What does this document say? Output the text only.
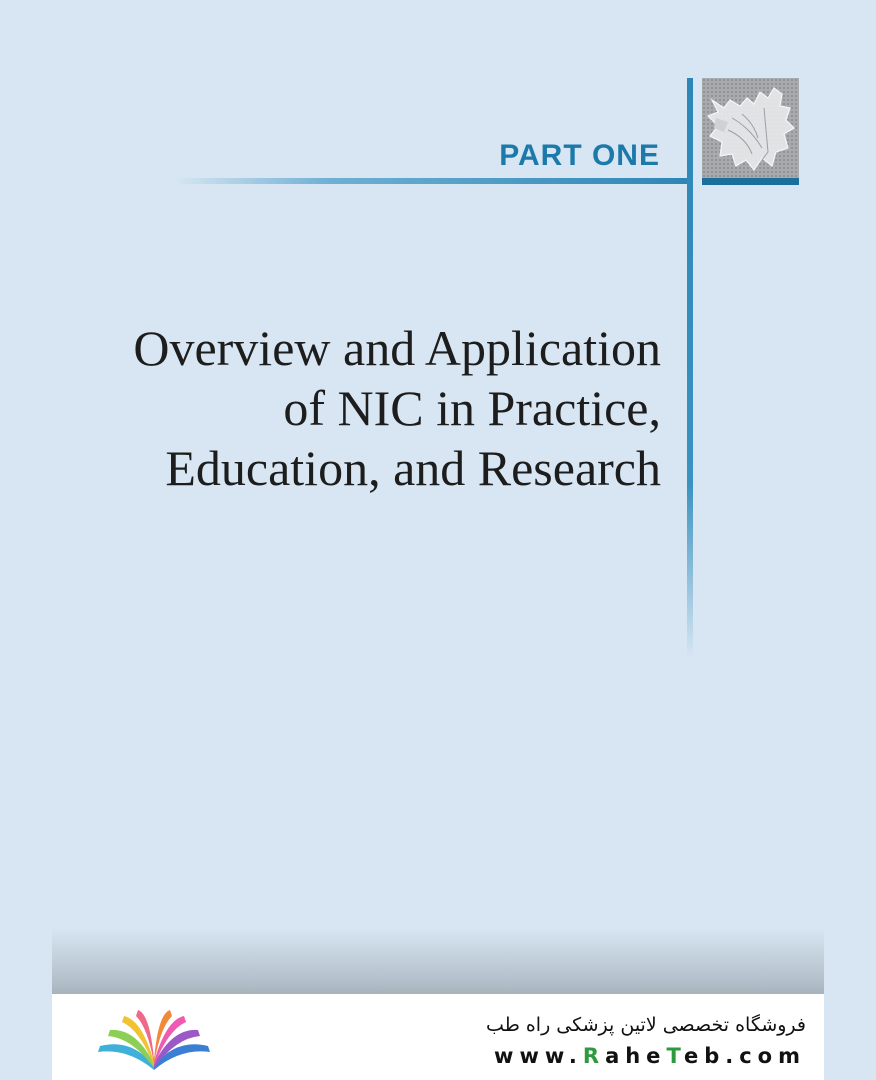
PART ONE
Overview and Application
of NIC in Practice,
Education, and Research
فروشگاه تخصصی لاتین پزشکی راه طب
www.RaheTeb.com
